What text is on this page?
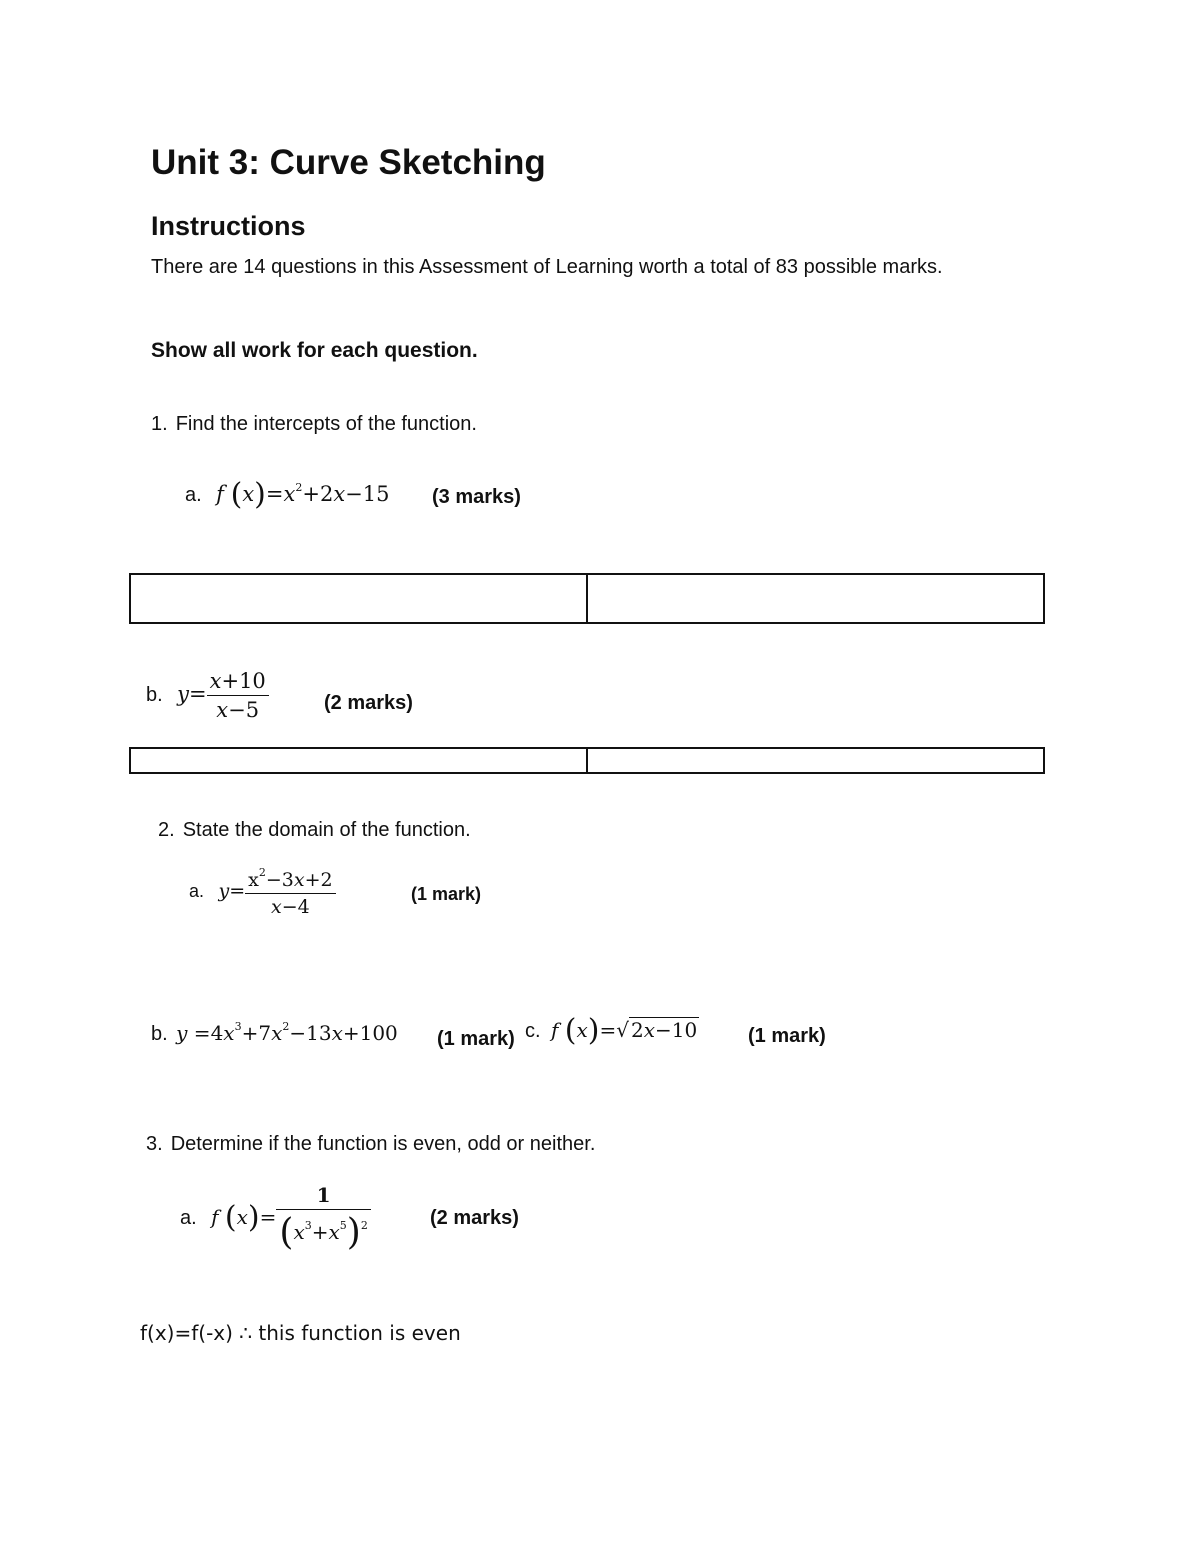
Unit 3: Curve Sketching
Instructions
There are 14 questions in this Assessment of Learning worth a total of 83 possible marks.
Show all work for each question.
1. Find the intercepts of the function.
a. f $(x)=x^2+2x-15$ (3 marks)
b. $y= \frac{x+10}{x-5}$	(2 marks)
2. State the domain of the function.
a. $y= \frac{x^2-3x+2}{x-4}$	(1 mark)
b. $y =4x^3+7x^2-13x+100$ (1 mark) c. f (x)=√ 2x−10	(1 mark)
3. Determine if the function is even, odd or neither.
a. f $(x)= \frac{1}{(x^3+x^5)^2}$	(2 marks)
f(x)=f(-x) ∴ this function is even
